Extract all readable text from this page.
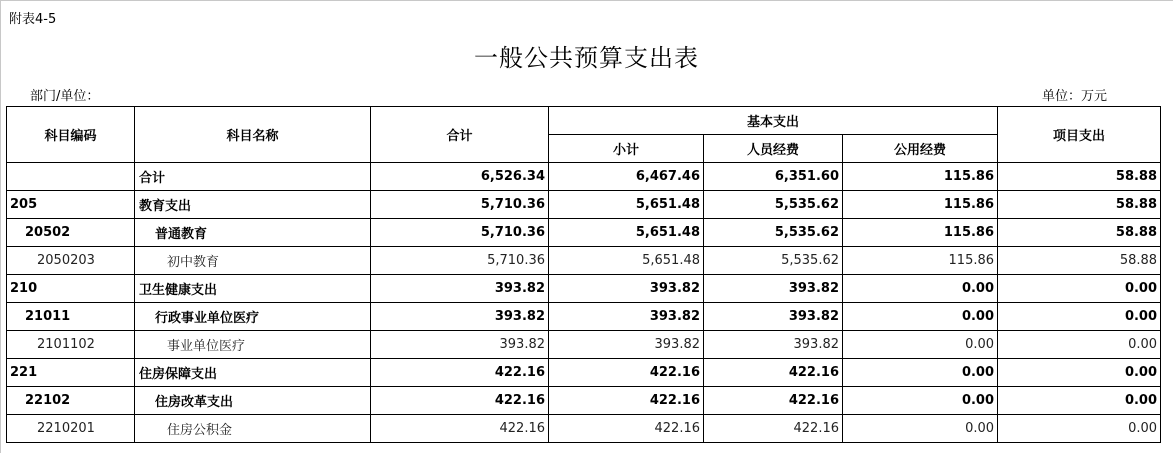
附表4-5
一般公共预算支出表
部门/单位：	单位：万元
科目编码	科目名称	合计	基本支出			项目支出
			小计	人员经费	公用经费	
	合计	6,526.34	6,467.46	6,351.60	115.86	58.88
205	教育支出	5,710.36	5,651.48	5,535.62	115.86	58.88
20502	普通教育	5,710.36	5,651.48	5,535.62	115.86	58.88
2050203	初中教育	5,710.36	5,651.48	5,535.62	115.86	58.88
210	卫生健康支出	393.82	393.82	393.82	0.00	0.00
21011	行政事业单位医疗	393.82	393.82	393.82	0.00	0.00
2101102	事业单位医疗	393.82	393.82	393.82	0.00	0.00
221	住房保障支出	422.16	422.16	422.16	0.00	0.00
22102	住房改革支出	422.16	422.16	422.16	0.00	0.00
2210201	住房公积金	422.16	422.16	422.16	0.00	0.00
